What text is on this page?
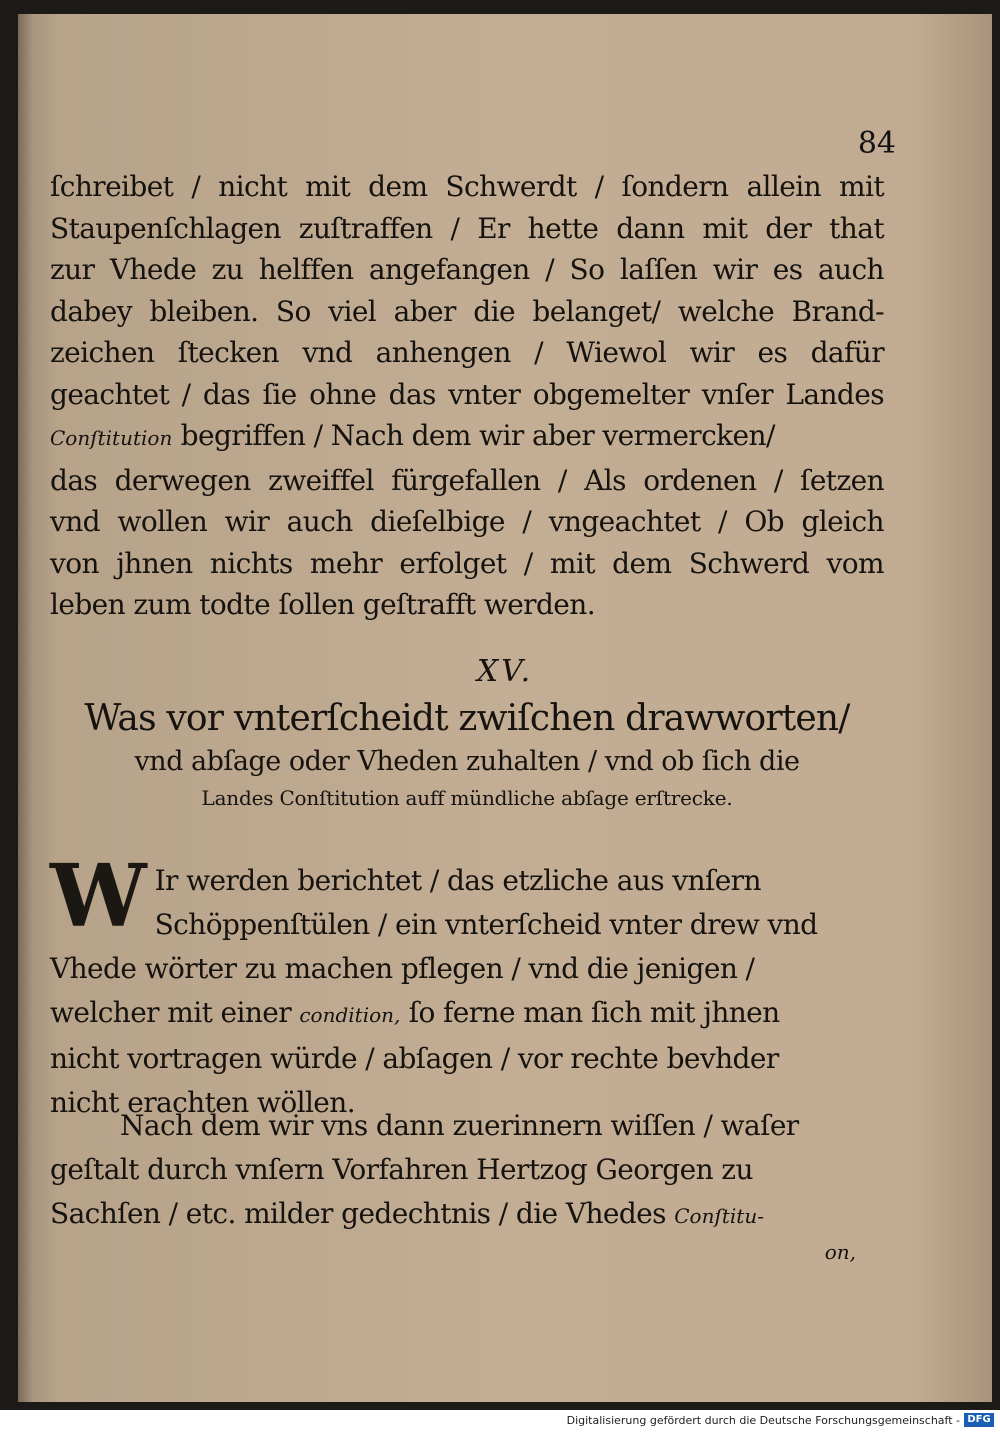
84
ſchreibet / nicht mit dem Schwerdt / ſondern allein mit
Staupenſchlagen zuſtraffen / Er hette dann mit der that
zur Vhede zu helffen angefangen / So laſſen wir es auch
dabey bleiben. So viel aber die belanget/ welche Brand-
zeichen ſtecken vnd anhengen / Wiewol wir es dafür
geachtet / das ſie ohne das vnter obgemelter vnſer Landes
Conſtitution begriffen / Nach dem wir aber vermercken/
das derwegen zweiffel fürgefallen / Als ordenen / ſetzen
vnd wollen wir auch dieſelbige / vngeachtet / Ob gleich
von jhnen nichts mehr erfolget / mit dem Schwerd vom
leben zum todte ſollen geſtrafft werden.
XV.
Was vor vnterſcheidt zwiſchen drawworten/
vnd abſage oder Vheden zuhalten / vnd ob ſich die
Landes Conſtitution auff mündliche abſage erſtrecke.
W Ir werden berichtet / das etzliche aus vnſern
Schöppenſtülen / ein vnterſcheid vnter drew vnd
Vhede wörter zu machen pflegen / vnd die jenigen /
welcher mit einer condition, ſo ferne man ſich mit jhnen
nicht vortragen würde / abſagen / vor rechte bevhder
nicht erachten wöllen.
Nach dem wir vns dann zuerinnern wiſſen / waſer
geſtalt durch vnſern Vorfahren Hertzog Georgen zu
Sachſen / etc. milder gedechtnis / die Vhedes Conſtitu-
on,
Digitalisierung gefördert durch die Deutsche Forschungsgemeinschaft - DFG
